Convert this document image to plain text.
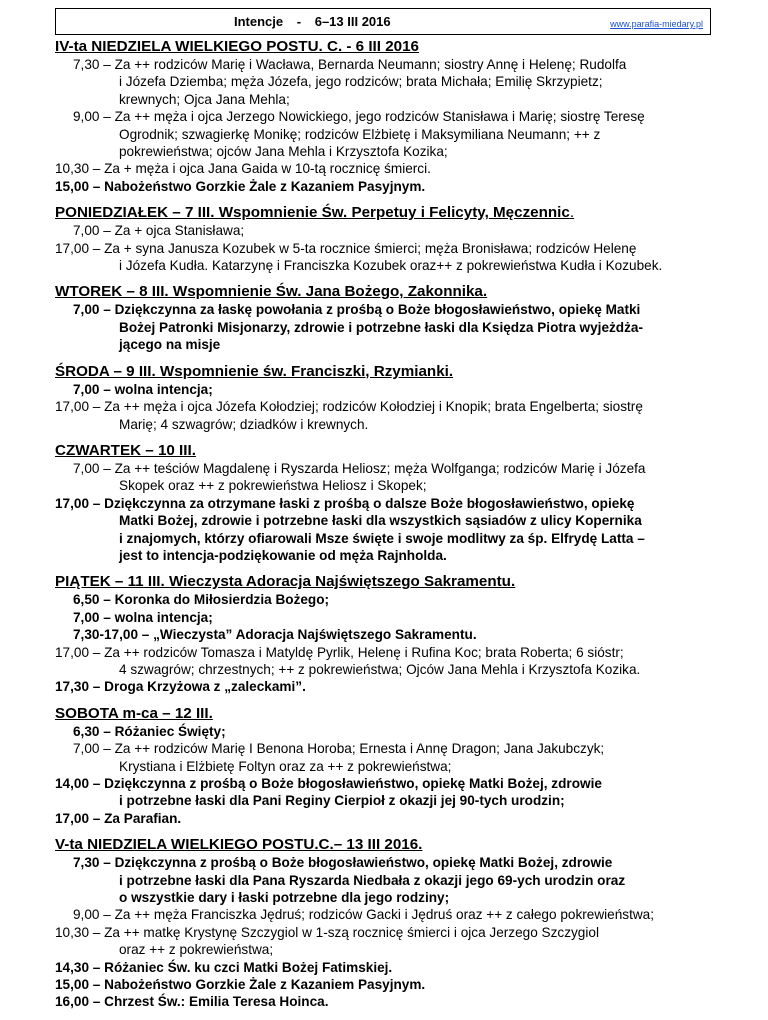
Intencje - 6–13 III 2016	www.parafia-miedary.pl
IV-ta NIEDZIELA WIELKIEGO POSTU. C. - 6 III 2016
7,30 – Za ++ rodziców Marię i Wacława, Bernarda Neumann; siostry Annę i Helenę; Rudolfa
i Józefa Dziemba; męża Józefa, jego rodziców; brata Michała; Emilię Skrzypietz;
krewnych; Ojca Jana Mehla;
9,00 – Za ++ męża i ojca Jerzego Nowickiego, jego rodziców Stanisława i Marię; siostrę Teresę
Ogrodnik; szwagierkę Monikę; rodziców Elżbietę i Maksymiliana Neumann; ++ z
pokrewieństwa; ojców Jana Mehla i Krzysztofa Kozika;
10,30 – Za + męża i ojca Jana Gaida w 10-tą rocznicę śmierci.
15,00 – Nabożeństwo Gorzkie Żale z Kazaniem Pasyjnym.
PONIEDZIAŁEK – 7 III. Wspomnienie Św. Perpetuy i Felicyty, Męczennic.
7,00 – Za + ojca Stanisława;
17,00 – Za + syna Janusza Kozubek w 5-ta rocznice śmierci; męża Bronisława; rodziców Helenę
i Józefa Kudła. Katarzynę i Franciszka Kozubek oraz++ z pokrewieństwa Kudła i Kozubek.
WTOREK – 8 III. Wspomnienie Św. Jana Bożego, Zakonnika.
7,00 – Dziękczynna za łaskę powołania z prośbą o Boże błogosławieństwo, opiekę Matki
Bożej Patronki Misjonarzy, zdrowie i potrzebne łaski dla Księdza Piotra wyjeżdża-
jącego na misje
ŚRODA – 9 III. Wspomnienie św. Franciszki, Rzymianki.
7,00 – wolna intencja;
17,00 – Za ++ męża i ojca Józefa Kołodziej; rodziców Kołodziej i Knopik; brata Engelberta; siostrę
Marię; 4 szwagrów; dziadków i krewnych.
CZWARTEK – 10 III.
7,00 – Za ++ teściów Magdalenę i Ryszarda Heliosz; męża Wolfganga; rodziców Marię i Józefa
Skopek oraz ++ z pokrewieństwa Heliosz i Skopek;
17,00 – Dziękczynna za otrzymane łaski z prośbą o dalsze Boże błogosławieństwo, opiekę
Matki Bożej, zdrowie i potrzebne łaski dla wszystkich sąsiadów z ulicy Kopernika
i znajomych, którzy ofiarowali Msze święte i swoje modlitwy za śp. Elfrydę Latta –
jest to intencja-podziękowanie od męża Rajnholda.
PIĄTEK – 11 III. Wieczysta Adoracja Najświętszego Sakramentu.
6,50 – Koronka do Miłosierdzia Bożego;
7,00 – wolna intencja;
7,30-17,00 – „Wieczysta” Adoracja Najświętszego Sakramentu.
17,00 – Za ++ rodziców Tomasza i Matyldę Pyrlik, Helenę i Rufina Koc; brata Roberta; 6 sióstr;
4 szwagrów; chrzestnych; ++ z pokrewieństwa; Ojców Jana Mehla i Krzysztofa Kozika.
17,30 – Droga Krzyżowa z „zaleckami”.
SOBOTA m-ca – 12 III.
6,30 – Różaniec Święty;
7,00 – Za ++ rodziców Marię I Benona Horoba; Ernesta i Annę Dragon; Jana Jakubczyk;
Krystiana i Elżbietę Foltyn oraz za ++ z pokrewieństwa;
14,00 – Dziękczynna z prośbą o Boże błogosławieństwo, opiekę Matki Bożej, zdrowie
i potrzebne łaski dla Pani Reginy Cierpioł z okazji jej 90-tych urodzin;
17,00 – Za Parafian.
V-ta NIEDZIELA WIELKIEGO POSTU.C.– 13 III 2016.
7,30 – Dziękczynna z prośbą o Boże błogosławieństwo, opiekę Matki Bożej, zdrowie
i potrzebne łaski dla Pana Ryszarda Niedbała z okazji jego 69-ych urodzin oraz
o wszystkie dary i łaski potrzebne dla jego rodziny;
9,00 – Za ++ męża Franciszka Jędruś; rodziców Gacki i Jędruś oraz ++ z całego pokrewieństwa;
10,30 – Za ++ matkę Krystynę Szczygiol w 1-szą rocznicę śmierci i ojca Jerzego Szczygiol
oraz ++ z pokrewieństwa;
14,30 – Różaniec Św. ku czci Matki Bożej Fatimskiej.
15,00 – Nabożeństwo Gorzkie Żale z Kazaniem Pasyjnym.
16,00 – Chrzest Św.: Emilia Teresa Hoinca.
